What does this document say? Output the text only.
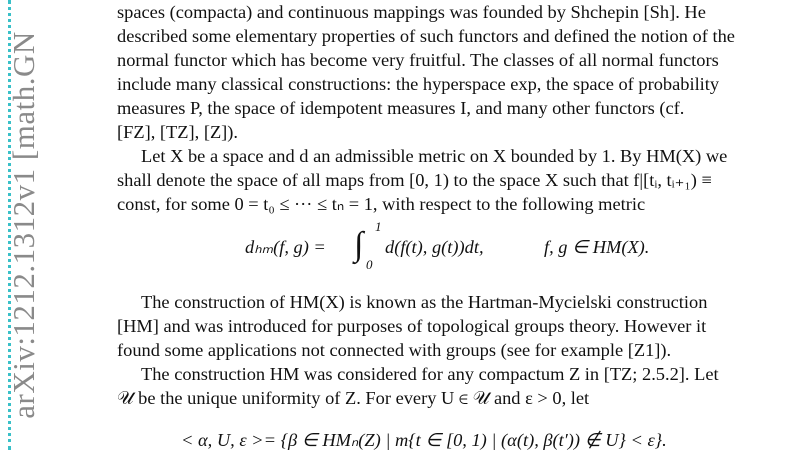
arXiv:1212.1312v1 [math.GN

spaces (compacta) and continuous mappings was founded by Shchepin [Sh]. He

described some elementary properties of such functors and defined the notion of the

normal functor which has become very fruitful. The classes of all normal functors

include many classical constructions: the hyperspace exp, the space of probability

measures P, the space of idempotent measures I, and many other functors (cf.

[FZ], [TZ], [Z]).

Let X be a space and d an admissible metric on X bounded by 1. By HM(X) we

shall denote the space of all maps from [0, 1) to the space X such that f|[tᵢ, tᵢ₊₁) ≡

const, for some 0 = t₀ ≤ ··· ≤ tₙ = 1, with respect to the following metric

dₕₘ(f, g) = ∫ 1
0
d(f(t), g(t))dt,	f, g ∈ HM(X).

The construction of HM(X) is known as the Hartman-Mycielski construction

[HM] and was introduced for purposes of topological groups theory. However it

found some applications not connected with groups (see for example [Z1]).

The construction HM was considered for any compactum Z in [TZ; 2.5.2]. Let

𝒰 be the unique uniformity of Z. For every U ∈ 𝒰 and ε > 0, let

< α, U, ε >= {β ∈ HMₙ(Z) | m{t ∈ [0, 1) | (α(t), β(t′)) ∉ U} < ε}.
